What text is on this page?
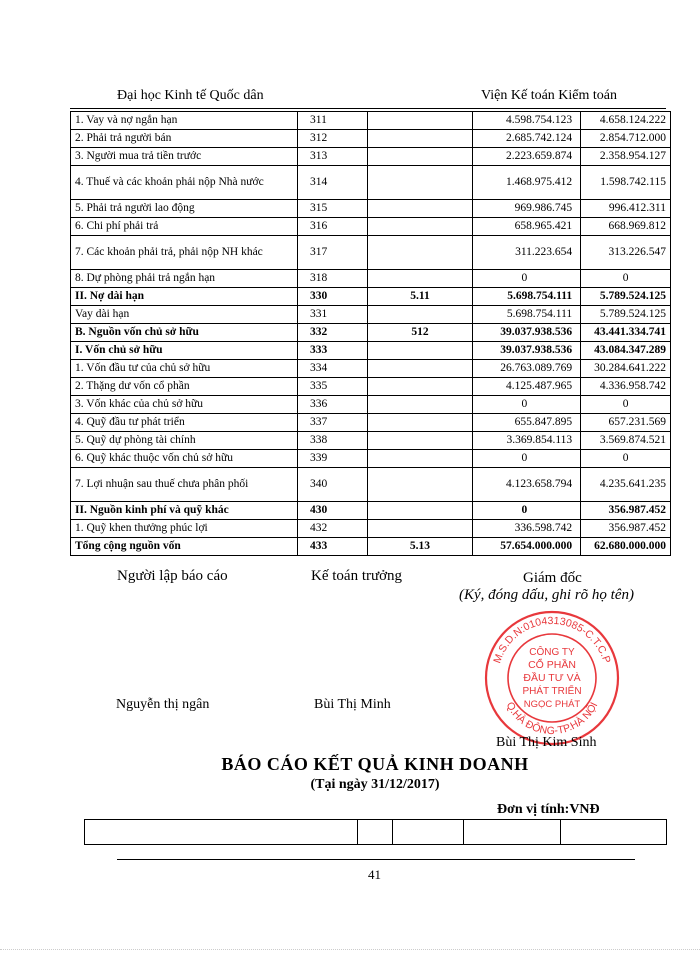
Đại học Kinh tế Quốc dân	Viện Kế toán Kiểm toán
1. Vay và nợ ngắn hạn	311		4.598.754.123	4.658.124.222
2. Phải trả người bán	312		2.685.742.124	2.854.712.000
3. Người mua trả tiền trước	313		2.223.659.874	2.358.954.127
4. Thuế và các khoản phải nộp Nhà nước	314		1.468.975.412	1.598.742.115
5. Phải trả người lao động	315		969.986.745	996.412.311
6. Chi phí phải trả	316		658.965.421	668.969.812
7. Các khoản phải trả, phải nộp NH khác	317		311.223.654	313.226.547
8. Dự phòng phải trả ngắn hạn	318		0	0
II. Nợ dài hạn	330	5.11	5.698.754.111	5.789.524.125
Vay dài hạn	331		5.698.754.111	5.789.524.125
B. Nguồn vốn chủ sở hữu	332	512	39.037.938.536	43.441.334.741
I. Vốn chủ sở hữu	333		39.037.938.536	43.084.347.289
1. Vốn đầu tư của chủ sở hữu	334		26.763.089.769	30.284.641.222
2. Thặng dư vốn cổ phần	335		4.125.487.965	4.336.958.742
3. Vốn khác của chủ sở hữu	336		0	0
4. Quỹ đầu tư phát triển	337		655.847.895	657.231.569
5. Quỹ dự phòng tài chính	338		3.369.854.113	3.569.874.521
6. Quỹ khác thuộc vốn chủ sở hữu	339		0	0
7. Lợi nhuận sau thuế chưa phân phối	340		4.123.658.794	4.235.641.235
II. Nguồn kinh phí và quỹ khác	430		0	356.987.452
1. Quỹ khen thưởng phúc lợi	432		336.598.742	356.987.452
Tổng cộng nguồn vốn	433	5.13	57.654.000.000	62.680.000.000
Người lập báo cáo	Kế toán trưởng	Giám đốc
(Ký, đóng dấu, ghi rõ họ tên)
M.S.D.N:0104313085-C.T.C.P
Q.HÀ ĐÔNG-TP.HÀ NỘI
CÔNG TY
CỔ PHẦN
ĐẦU TƯ VÀ
PHÁT TRIỂN
NGỌC PHÁT
Nguyễn thị ngân	Bùi Thị Minh
Bùi Thị Kim Sinh
BÁO CÁO KẾT QUẢ KINH DOANH
(Tại ngày 31/12/2017)
Đơn vị tính:VNĐ
41
